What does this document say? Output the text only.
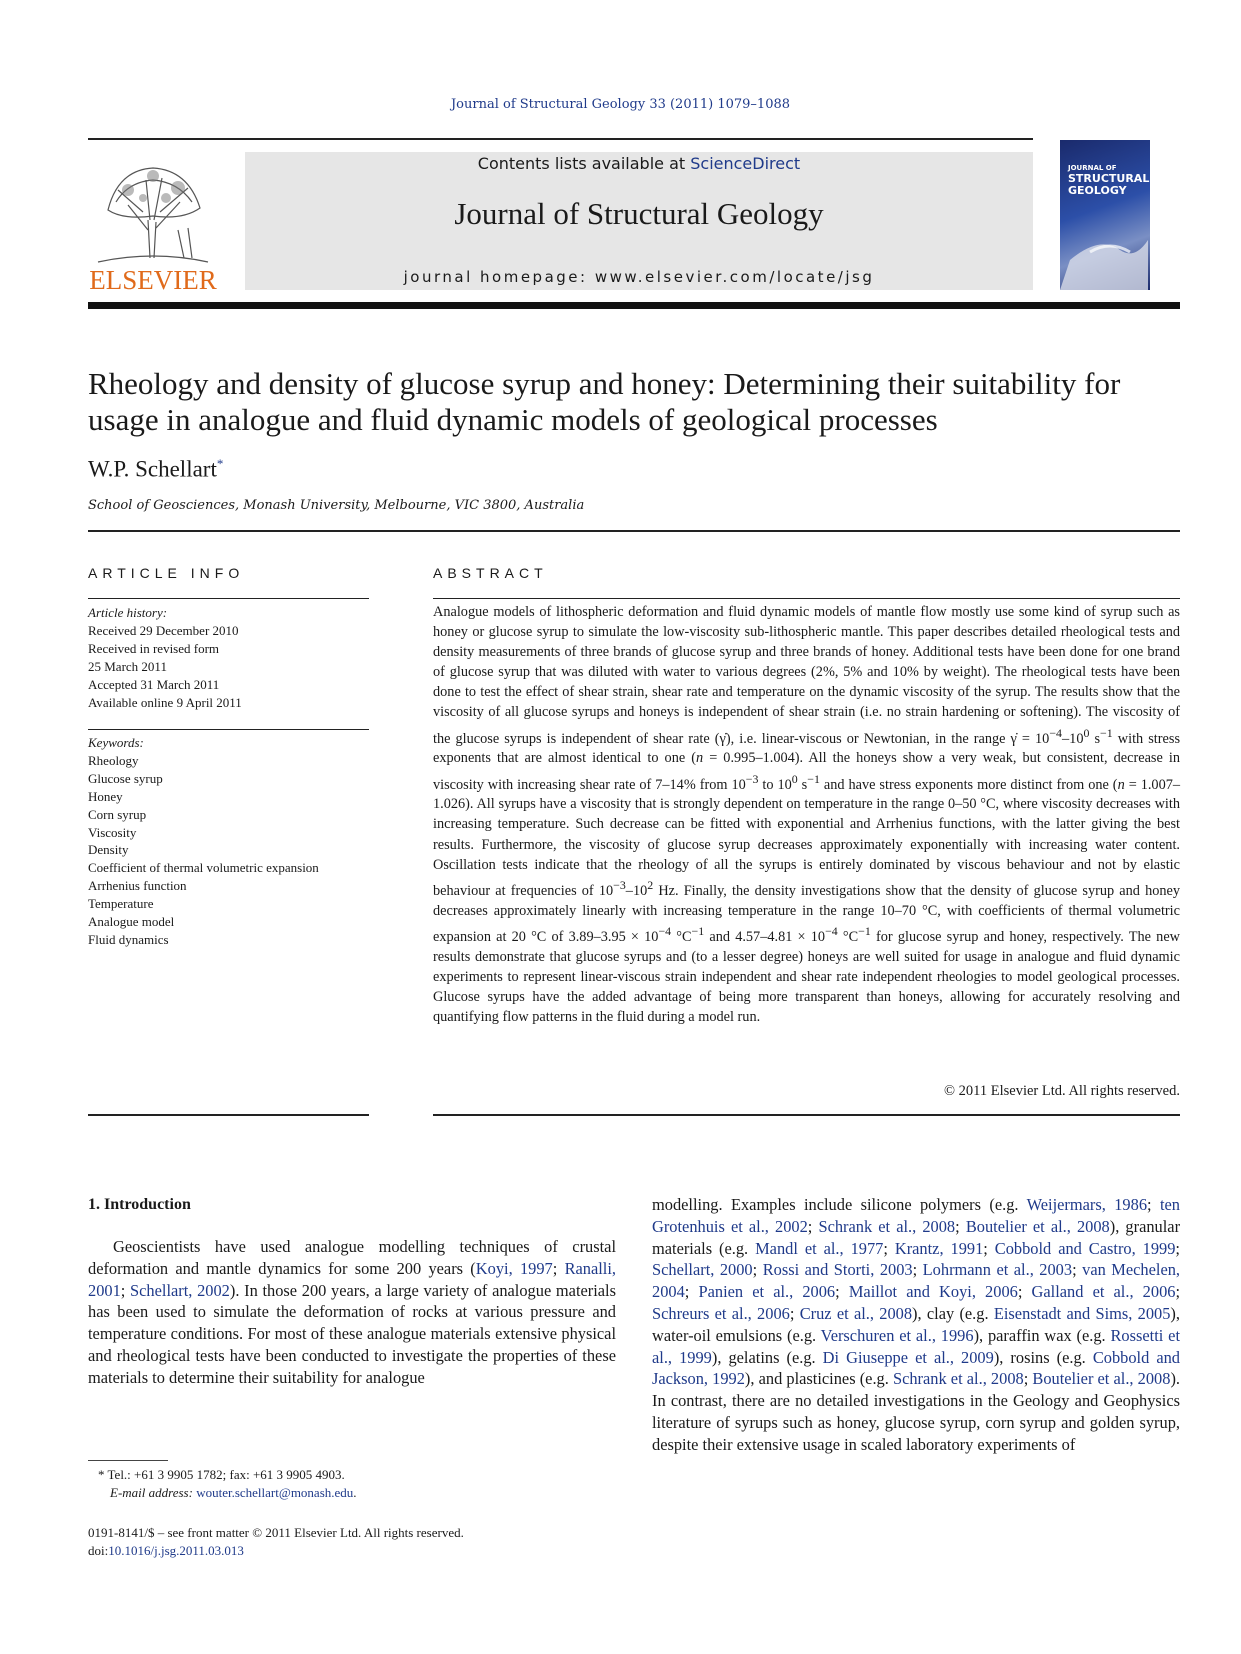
Journal of Structural Geology 33 (2011) 1079–1088
ELSEVIER
Contents lists available at ScienceDirect
Journal of Structural Geology
journal homepage: www.elsevier.com/locate/jsg
JOURNAL OF
STRUCTURAL GEOLOGY
Rheology and density of glucose syrup and honey: Determining their suitability for usage in analogue and fluid dynamic models of geological processes
W.P. Schellart*
School of Geosciences, Monash University, Melbourne, VIC 3800, Australia
ARTICLE INFO
Article history:
Received 29 December 2010
Received in revised form
25 March 2011
Accepted 31 March 2011
Available online 9 April 2011
Keywords:
Rheology
Glucose syrup
Honey
Corn syrup
Viscosity
Density
Coefficient of thermal volumetric expansion
Arrhenius function
Temperature
Analogue model
Fluid dynamics
ABSTRACT
Analogue models of lithospheric deformation and fluid dynamic models of mantle flow mostly use some kind of syrup such as honey or glucose syrup to simulate the low-viscosity sub-lithospheric mantle. This paper describes detailed rheological tests and density measurements of three brands of glucose syrup and three brands of honey. Additional tests have been done for one brand of glucose syrup that was diluted with water to various degrees (2%, 5% and 10% by weight). The rheological tests have been done to test the effect of shear strain, shear rate and temperature on the dynamic viscosity of the syrup. The results show that the viscosity of all glucose syrups and honeys is independent of shear strain (i.e. no strain hardening or softening). The viscosity of the glucose syrups is independent of shear rate (γ̇), i.e. linear-viscous or Newtonian, in the range γ̇ = $10^{-4}-10^0$ $s^{-1}$ with stress exponents that are almost identical to one (n = 0.995–1.004). All the honeys show a very weak, but consistent, decrease in viscosity with increasing shear rate of 7–14% from $10^{-3}$ to $10^0$ $s^{-1}$ and have stress exponents more distinct from one (n = 1.007–1.026). All syrups have a viscosity that is strongly dependent on temperature in the range 0–50 °C, where viscosity decreases with increasing temperature. Such decrease can be fitted with exponential and Arrhenius functions, with the latter giving the best results. Furthermore, the viscosity of glucose syrup decreases approximately exponentially with increasing water content. Oscillation tests indicate that the rheology of all the syrups is entirely dominated by viscous behaviour and not by elastic behaviour at frequencies of $10^{-3}-10^2$ Hz. Finally, the density investigations show that the density of glucose syrup and honey decreases approximately linearly with increasing temperature in the range 10–70 °C, with coefficients of thermal volumetric expansion at 20 °C of $3.89-3.95 \times 10^{-4}$ $^\circ C^{-1}$ and $4.57-4.81 \times 10^{-4}$ $^\circ C^{-1}$ for glucose syrup and honey, respectively. The new results demonstrate that glucose syrups and (to a lesser degree) honeys are well suited for usage in analogue and fluid dynamic experiments to represent linear-viscous strain independent and shear rate independent rheologies to model geological processes. Glucose syrups have the added advantage of being more transparent than honeys, allowing for accurately resolving and quantifying flow patterns in the fluid during a model run.
© 2011 Elsevier Ltd. All rights reserved.
1. Introduction
Geoscientists have used analogue modelling techniques of crustal deformation and mantle dynamics for some 200 years (Koyi, 1997; Ranalli, 2001; Schellart, 2002). In those 200 years, a large variety of analogue materials has been used to simulate the deformation of rocks at various pressure and temperature conditions. For most of these analogue materials extensive physical and rheological tests have been conducted to investigate the properties of these materials to determine their suitability for analogue
modelling. Examples include silicone polymers (e.g. Weijermars, 1986; ten Grotenhuis et al., 2002; Schrank et al., 2008; Boutelier et al., 2008), granular materials (e.g. Mandl et al., 1977; Krantz, 1991; Cobbold and Castro, 1999; Schellart, 2000; Rossi and Storti, 2003; Lohrmann et al., 2003; van Mechelen, 2004; Panien et al., 2006; Maillot and Koyi, 2006; Galland et al., 2006; Schreurs et al., 2006; Cruz et al., 2008), clay (e.g. Eisenstadt and Sims, 2005), water-oil emulsions (e.g. Verschuren et al., 1996), paraffin wax (e.g. Rossetti et al., 1999), gelatins (e.g. Di Giuseppe et al., 2009), rosins (e.g. Cobbold and Jackson, 1992), and plasticines (e.g. Schrank et al., 2008; Boutelier et al., 2008). In contrast, there are no detailed investigations in the Geology and Geophysics literature of syrups such as honey, glucose syrup, corn syrup and golden syrup, despite their extensive usage in scaled laboratory experiments of
* Tel.: +61 3 9905 1782; fax: +61 3 9905 4903.
E-mail address: wouter.schellart@monash.edu.
0191-8141/$ – see front matter © 2011 Elsevier Ltd. All rights reserved.
doi:10.1016/j.jsg.2011.03.013
